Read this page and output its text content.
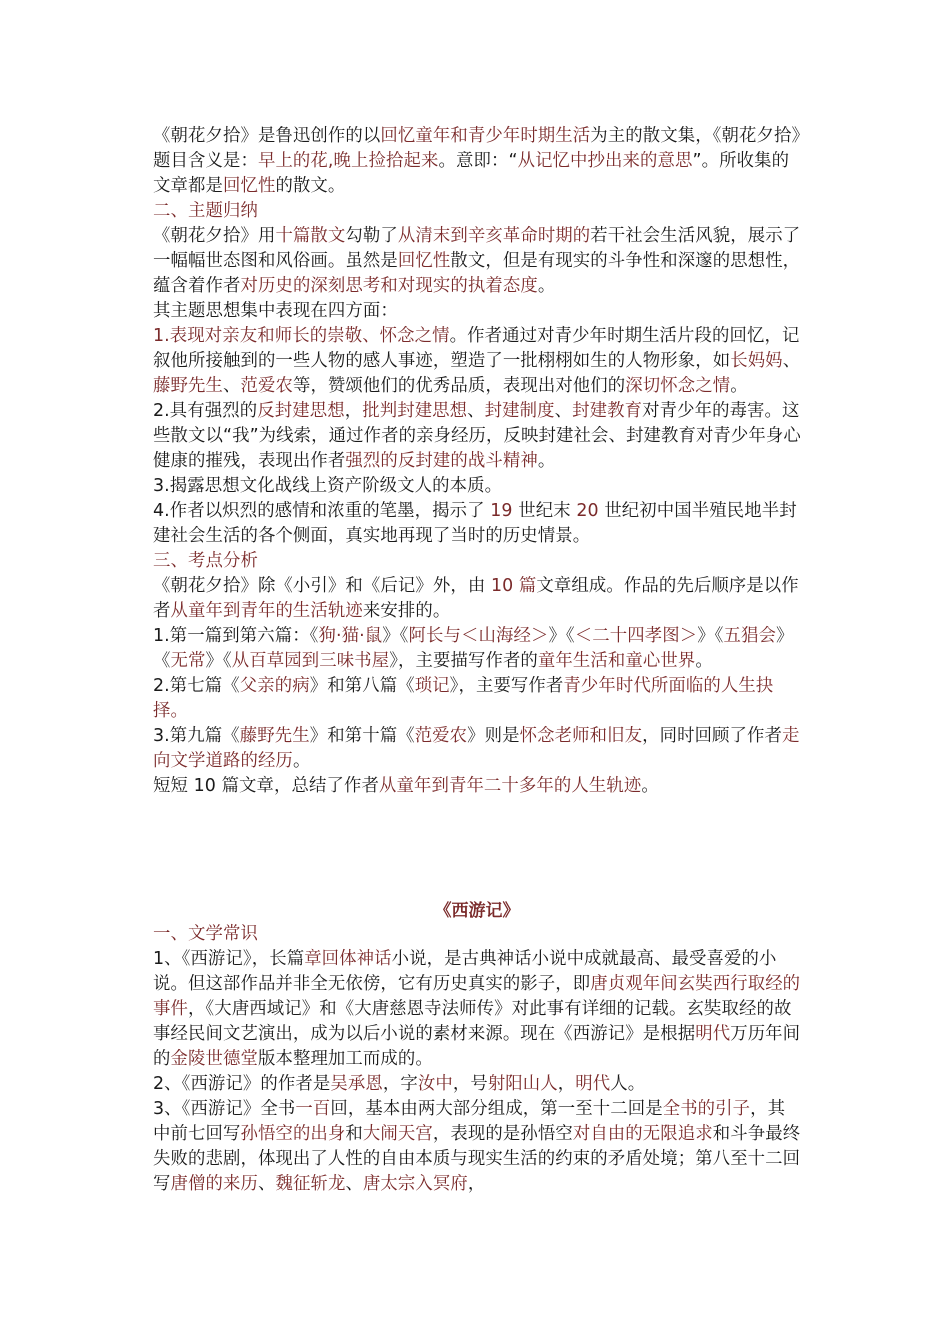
《朝花夕拾》是鲁迅创作的以回忆童年和青少年时期生活为主的散文集，《朝花夕拾》题目含义是：早上的花,晚上捡拾起来。意即：“从记忆中抄出来的意思”。所收集的文章都是回忆性的散文。

二、主题归纳

《朝花夕拾》用十篇散文勾勒了从清末到辛亥革命时期的若干社会生活风貌，展示了一幅幅世态图和风俗画。虽然是回忆性散文，但是有现实的斗争性和深邃的思想性，蕴含着作者对历史的深刻思考和对现实的执着态度。

其主题思想集中表现在四方面：

1.表现对亲友和师长的崇敬、怀念之情。作者通过对青少年时期生活片段的回忆，记叙他所接触到的一些人物的感人事迹，塑造了一批栩栩如生的人物形象，如长妈妈、藤野先生、范爱农等，赞颂他们的优秀品质，表现出对他们的深切怀念之情。

2.具有强烈的反封建思想，批判封建思想、封建制度、封建教育对青少年的毒害。这些散文以“我”为线索，通过作者的亲身经历，反映封建社会、封建教育对青少年身心健康的摧残，表现出作者强烈的反封建的战斗精神。

3.揭露思想文化战线上资产阶级文人的本质。

4.作者以炽烈的感情和浓重的笔墨，揭示了 19 世纪末 20 世纪初中国半殖民地半封建社会生活的各个侧面，真实地再现了当时的历史情景。

三、考点分析

《朝花夕拾》除《小引》和《后记》外，由 10 篇文章组成。作品的先后顺序是以作者从童年到青年的生活轨迹来安排的。

1.第一篇到第六篇：《狗·猫·鼠》《阿长与＜山海经＞》《＜二十四孝图＞》《五猖会》《无常》《从百草园到三味书屋》，主要描写作者的童年生活和童心世界。

2.第七篇《父亲的病》和第八篇《琐记》，主要写作者青少年时代所面临的人生抉择。

3.第九篇《藤野先生》和第十篇《范爱农》则是怀念老师和旧友，同时回顾了作者走向文学道路的经历。

短短 10 篇文章，总结了作者从童年到青年二十多年的人生轨迹。

《西游记》

一、文学常识

1、《西游记》，长篇章回体神话小说，是古典神话小说中成就最高、最受喜爱的小说。但这部作品并非全无依傍，它有历史真实的影子，即唐贞观年间玄奘西行取经的事件，《大唐西域记》和《大唐慈恩寺法师传》对此事有详细的记载。玄奘取经的故事经民间文艺演出，成为以后小说的素材来源。现在《西游记》是根据明代万历年间的金陵世德堂版本整理加工而成的。

2、《西游记》的作者是吴承恩，字汝中，号射阳山人，明代人。

3、《西游记》全书一百回，基本由两大部分组成，第一至十二回是全书的引子，其中前七回写孙悟空的出身和大闹天宫，表现的是孙悟空对自由的无限追求和斗争最终失败的悲剧，体现出了人性的自由本质与现实生活的约束的矛盾处境；第八至十二回写唐僧的来历、魏征斩龙、唐太宗入冥府，
